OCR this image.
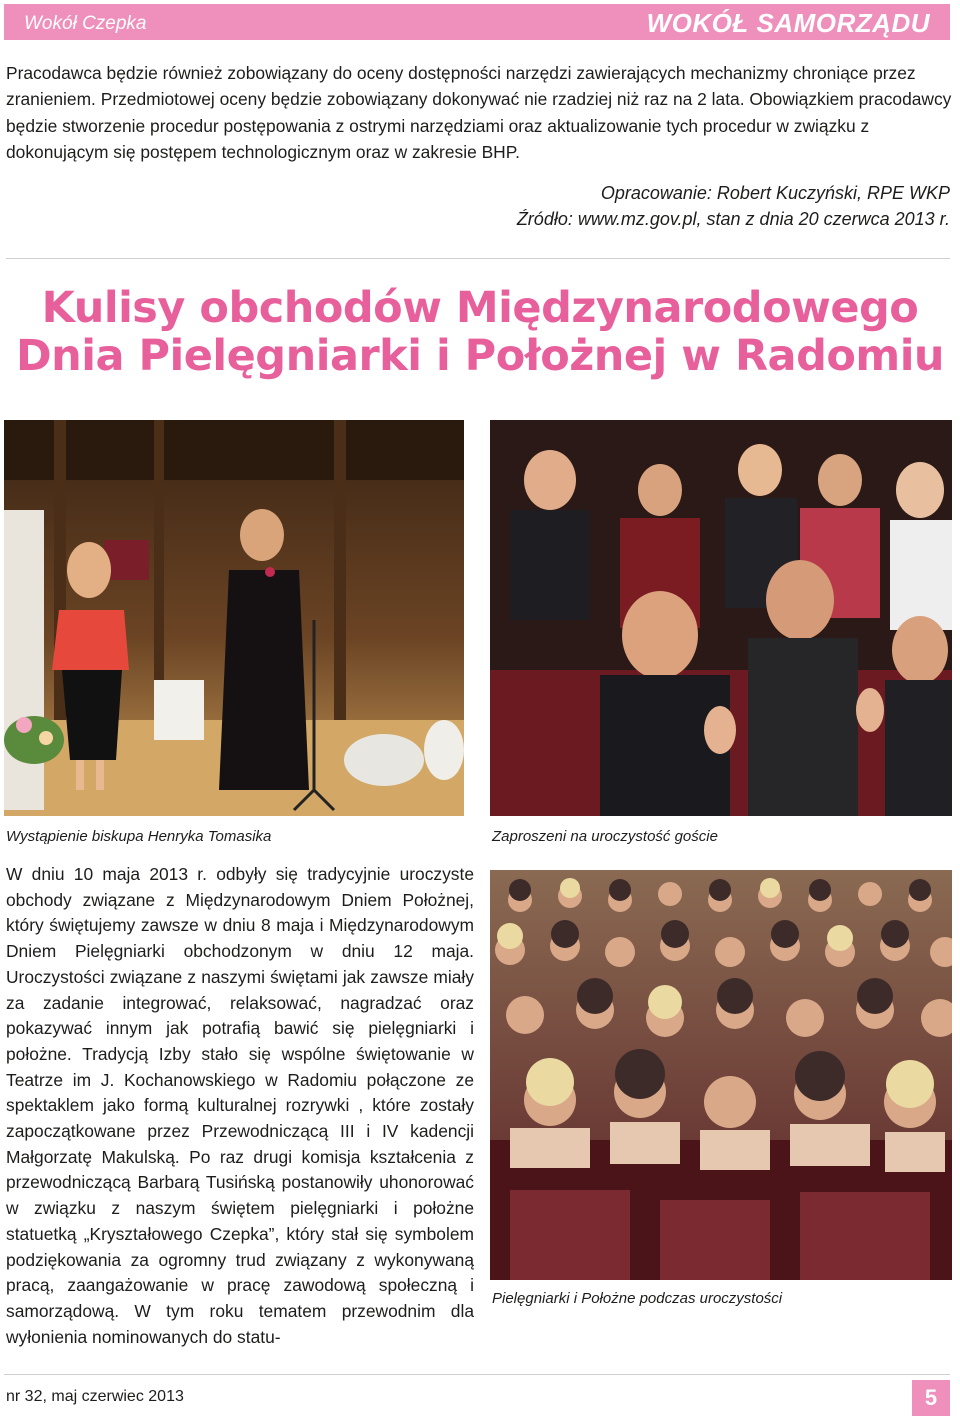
Wokół Czepka	WOKÓŁ SAMORZĄDU

Pracodawca będzie również zobowiązany do oceny dostępności narzędzi zawierających mechanizmy chroniące przez zranieniem. Przedmiotowej oceny będzie zobowiązany dokonywać nie rzadziej niż raz na 2 lata. Obowiązkiem pracodawcy będzie stworzenie procedur postępowania z ostrymi narzędziami oraz aktualizowanie tych procedur w związku z dokonującym się postępem technologicznym oraz w zakresie BHP.

Opracowanie: Robert Kuczyński, RPE WKP
Źródło: www.mz.gov.pl, stan z dnia 20 czerwca 2013 r.
Kulisy obchodów Międzynarodowego
Dnia Pielęgniarki i Położnej w Radomiu
Wystąpienie biskupa Henryka Tomasika	Zaproszeni na uroczystość goście

W dniu 10 maja 2013 r. odbyły się tradycyjnie uroczyste obchody związane z Międzynarodowym Dniem Położnej, który świętujemy zawsze w dniu 8 maja i Międzynarodowym Dniem Pielęgniarki obchodzonym w dniu 12 maja. Uroczystości związane z naszymi świętami jak zawsze miały za zadanie integrować, relaksować, nagradzać oraz pokazywać innym jak potrafią bawić się pielęgniarki i położne. Tradycją Izby stało się wspólne świętowanie w Teatrze im J. Kochanowskiego w Radomiu połączone ze spektaklem jako formą kulturalnej rozrywki , które zostały zapoczątkowane przez Przewodniczącą III i IV kadencji Małgorzatę Makulską. Po raz drugi komisja kształcenia z przewodniczącą Barbarą Tusińską postanowiły uhonorować w związku z naszym świętem pielęgniarki i położne statuetką „Kryształowego Czepka”, który stał się symbolem podziękowania za ogromny trud związany z wykonywaną pracą, zaangażowanie w pracę zawodową społeczną i samorządową. W tym roku tematem przewodnim dla wyłonienia nominowanych do statu-

Pielęgniarki i Położne podczas uroczystości
nr 32, maj czerwiec 2013	5
